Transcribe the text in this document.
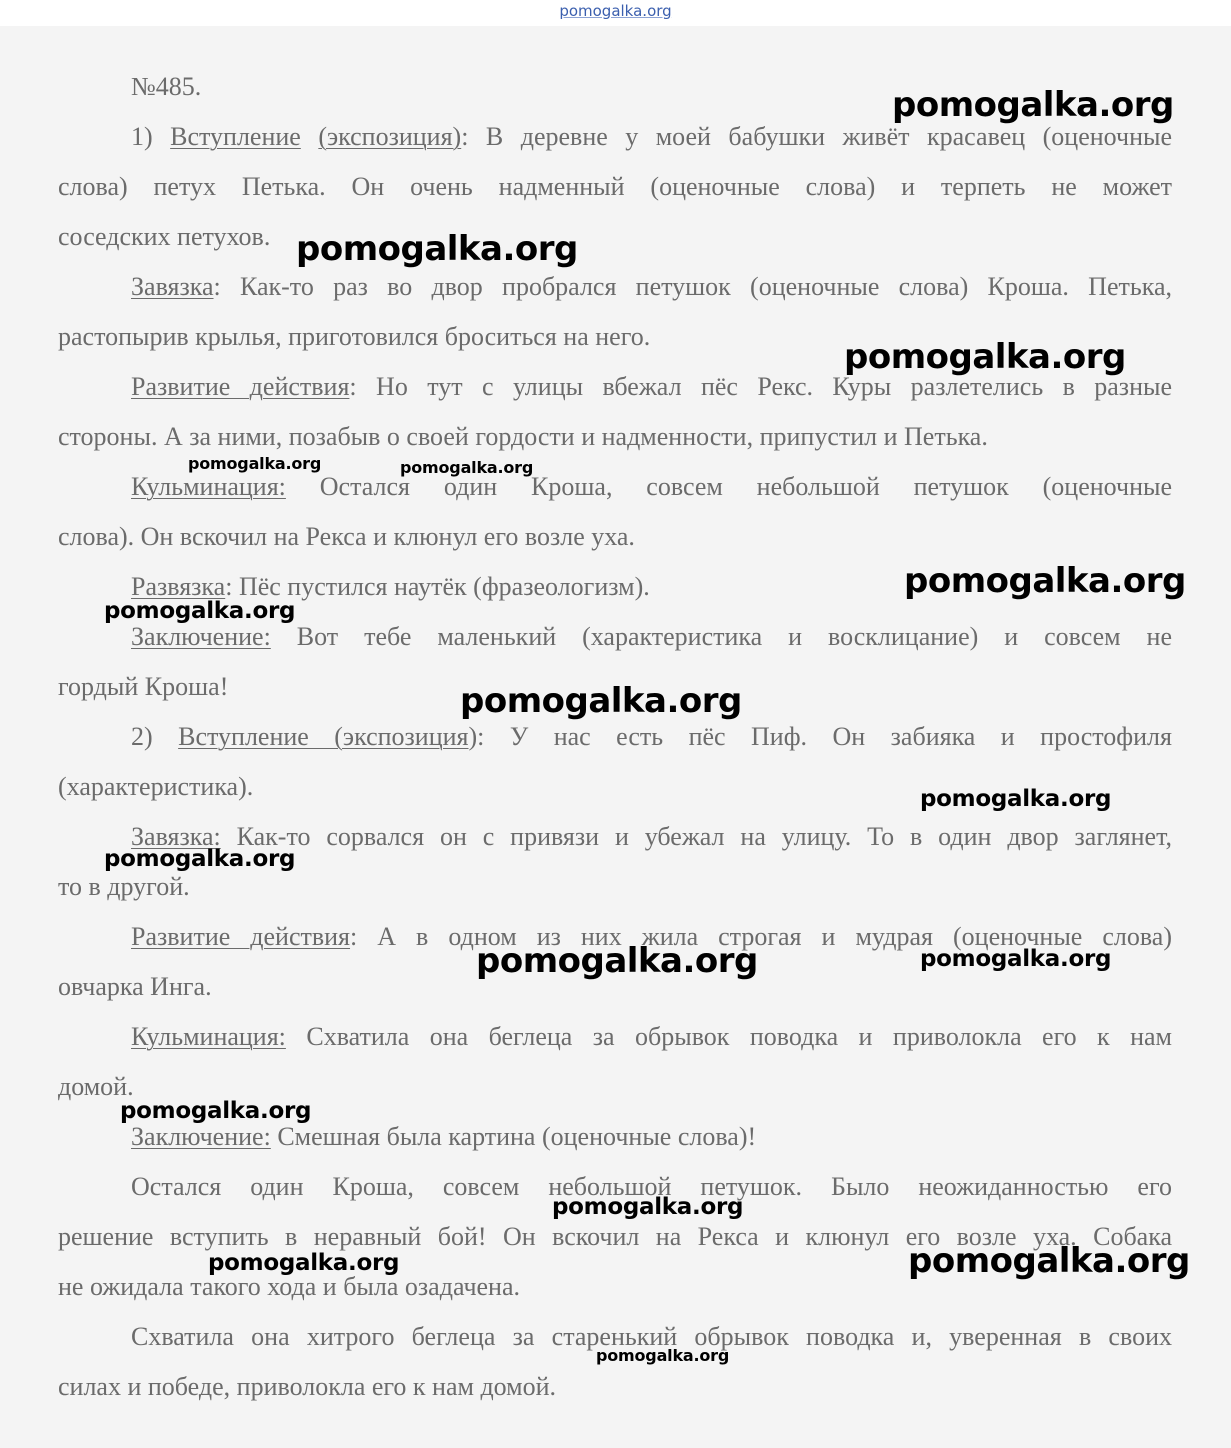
pomogalka.org
№485.
1) Вступление (экспозиция): В деревне у моей бабушки живёт красавец (оценочные
слова) петух Петька. Он очень надменный (оценочные слова) и терпеть не может
соседских петухов.
Завязка: Как-то раз во двор пробрался петушок (оценочные слова) Кроша. Петька,
растопырив крылья, приготовился броситься на него.
Развитие действия: Но тут с улицы вбежал пёс Рекс. Куры разлетелись в разные
стороны. А за ними, позабыв о своей гордости и надменности, припустил и Петька.
Кульминация: Остался один Кроша, совсем небольшой петушок (оценочные
слова). Он вскочил на Рекса и клюнул его возле уха.
Развязка: Пёс пустился наутёк (фразеологизм).
Заключение: Вот тебе маленький (характеристика и восклицание) и совсем не
гордый Кроша!
2) Вступление (экспозиция): У нас есть пёс Пиф. Он забияка и простофиля
(характеристика).
Завязка: Как-то сорвался он с привязи и убежал на улицу. То в один двор заглянет,
то в другой.
Развитие действия: А в одном из них жила строгая и мудрая (оценочные слова)
овчарка Инга.
Кульминация: Схватила она беглеца за обрывок поводка и приволокла его к нам
домой.
Заключение: Смешная была картина (оценочные слова)!
Остался один Кроша, совсем небольшой петушок. Было неожиданностью его
решение вступить в неравный бой! Он вскочил на Рекса и клюнул его возле уха. Собака
не ожидала такого хода и была озадачена.
Схватила она хитрого беглеца за старенький обрывок поводка и, уверенная в своих
силах и победе, приволокла его к нам домой.
pomogalka.org
pomogalka.org
pomogalka.org
pomogalka.org	pomogalka.org
pomogalka.org
pomogalka.org
pomogalka.org
pomogalka.org
pomogalka.org
pomogalka.org	pomogalka.org
pomogalka.org
pomogalka.org
pomogalka.org	pomogalka.org
pomogalka.org
